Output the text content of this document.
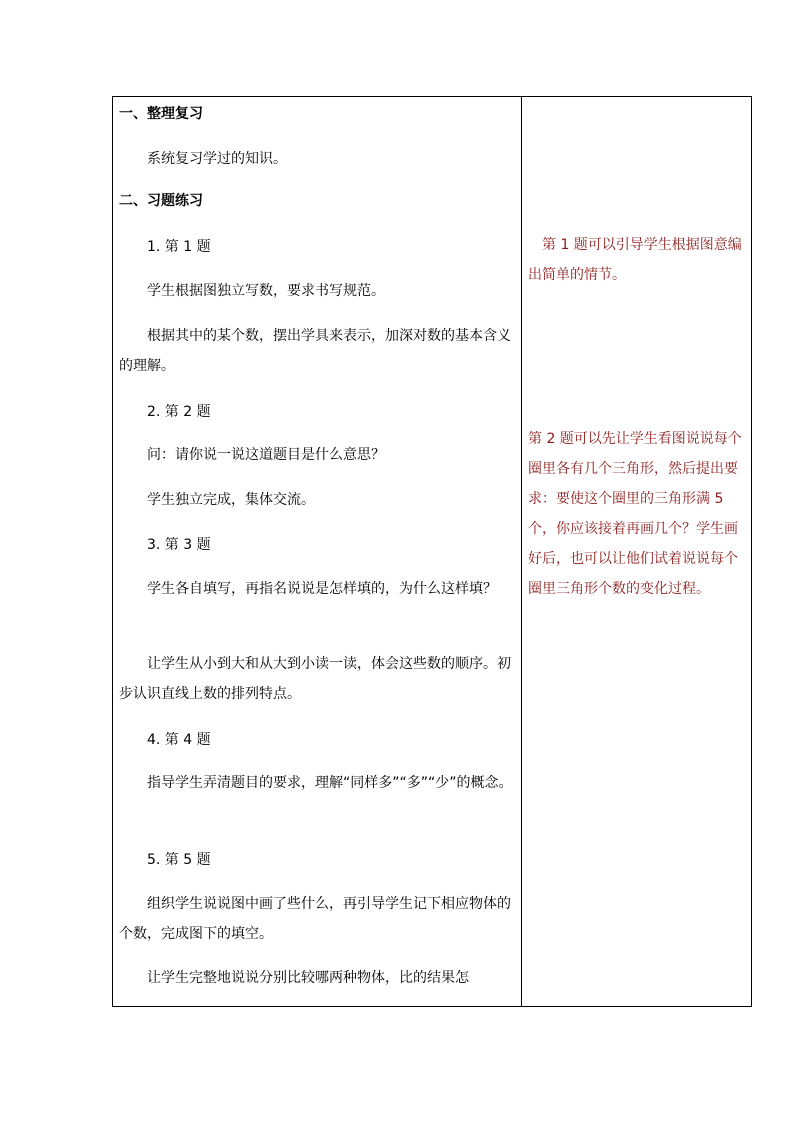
一、整理复习
系统复习学过的知识。
二、习题练习
1. 第 1 题
学生根据图独立写数，要求书写规范。
根据其中的某个数，摆出学具来表示，加深对数的基本含义的理解。
2. 第 2 题
问：请你说一说这道题目是什么意思？
学生独立完成，集体交流。
3. 第 3 题
学生各自填写，再指名说说是怎样填的，为什么这样填？
让学生从小到大和从大到小读一读，体会这些数的顺序。初步认识直线上数的排列特点。
4. 第 4 题
指导学生弄清题目的要求，理解“同样多”“多”“少”的概念。
5. 第 5 题
组织学生说说图中画了些什么，再引导学生记下相应物体的个数，完成图下的填空。
让学生完整地说说分别比较哪两种物体，比的结果怎
第 1 题可以引导学生根据图意编出简单的情节。
第 2 题可以先让学生看图说说每个圈里各有几个三角形，然后提出要求：要使这个圈里的三角形满 5 个，你应该接着再画几个？学生画好后，也可以让他们试着说说每个圈里三角形个数的变化过程。
